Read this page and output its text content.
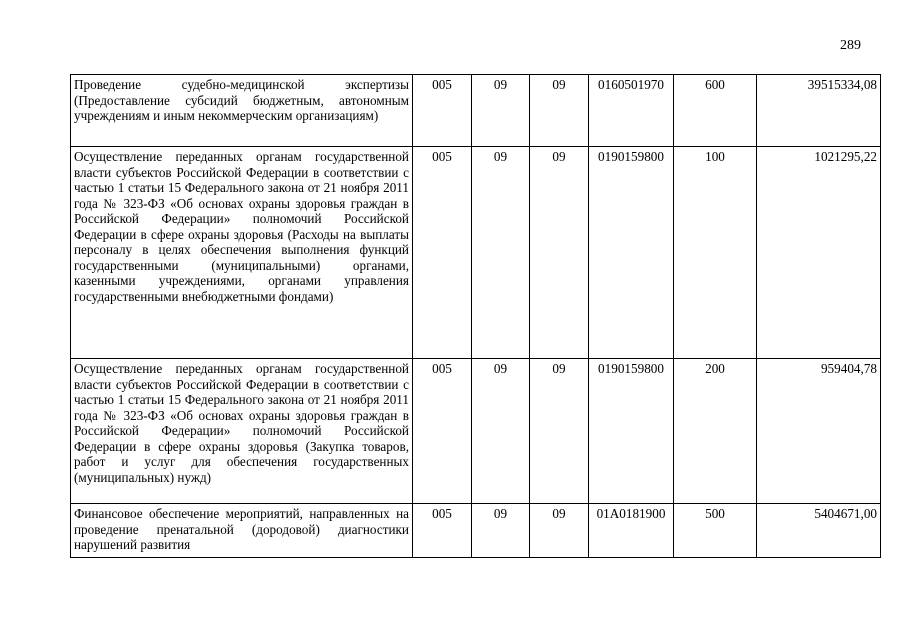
289
Проведение судебно-медицинской экспертизы (Предоставление субсидий бюджетным, автономным учреждениям и иным некоммерческим организациям)	005	09	09	0160501970	600	39515334,08
Осуществление переданных органам государственной власти субъектов Российской Федерации в соответствии с частью 1 статьи 15 Федерального закона от 21 ноября 2011 года № 323-ФЗ «Об основах охраны здоровья граждан в Российской Федерации» полномочий Российской Федерации в сфере охраны здоровья (Расходы на выплаты персоналу в целях обеспечения выполнения функций государственными (муниципальными) органами, казенными учреждениями, органами управления государственными внебюджетными фондами)	005	09	09	0190159800	100	1021295,22
Осуществление переданных органам государственной власти субъектов Российской Федерации в соответствии с частью 1 статьи 15 Федерального закона от 21 ноября 2011 года № 323-ФЗ «Об основах охраны здоровья граждан в Российской Федерации» полномочий Российской Федерации в сфере охраны здоровья (Закупка товаров, работ и услуг для обеспечения государственных (муниципальных) нужд)	005	09	09	0190159800	200	959404,78

Финансовое обеспечение мероприятий, направленных на проведение пренатальной (дородовой) диагностики нарушений развития	005	09	09	01А0181900	500	5404671,00
